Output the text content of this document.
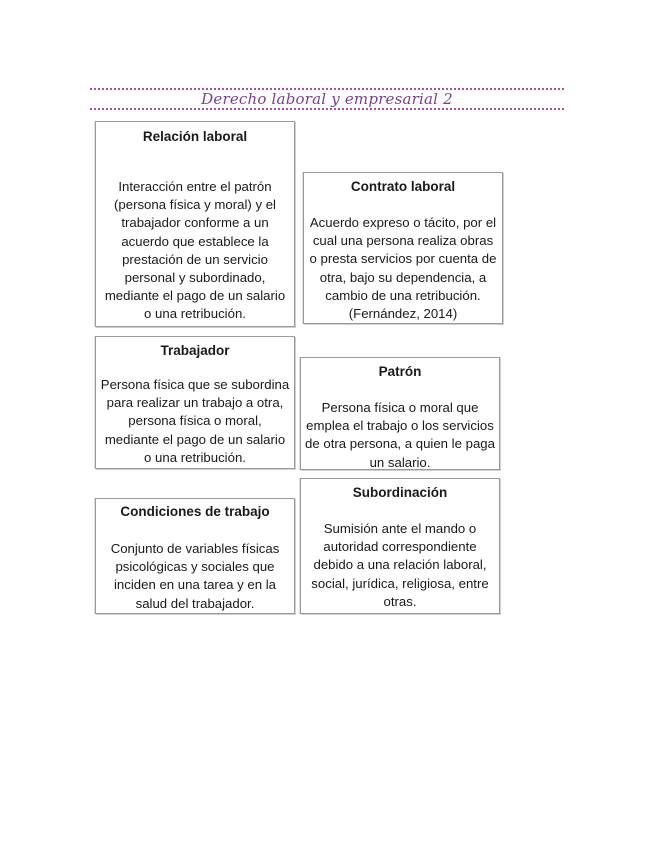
Derecho laboral y empresarial 2
Relación laboral
Interacción entre el patrón (persona física y moral) y el trabajador conforme a un acuerdo que establece la prestación de un servicio personal y subordinado, mediante el pago de un salario o una retribución.
Contrato laboral
Acuerdo expreso o tácito, por el cual una persona realiza obras o presta servicios por cuenta de otra, bajo su dependencia, a cambio de una retribución. (Fernández, 2014)
Trabajador
Persona física que se subordina para realizar un trabajo a otra, persona física o moral, mediante el pago de un salario o una retribución.
Patrón
Persona física o moral que emplea el trabajo o los servicios de otra persona, a quien le paga un salario.
Condiciones de trabajo
Conjunto de variables físicas psicológicas y sociales que inciden en una tarea y en la salud del trabajador.
Subordinación
Sumisión ante el mando o autoridad correspondiente debido a una relación laboral, social, jurídica, religiosa, entre otras.
